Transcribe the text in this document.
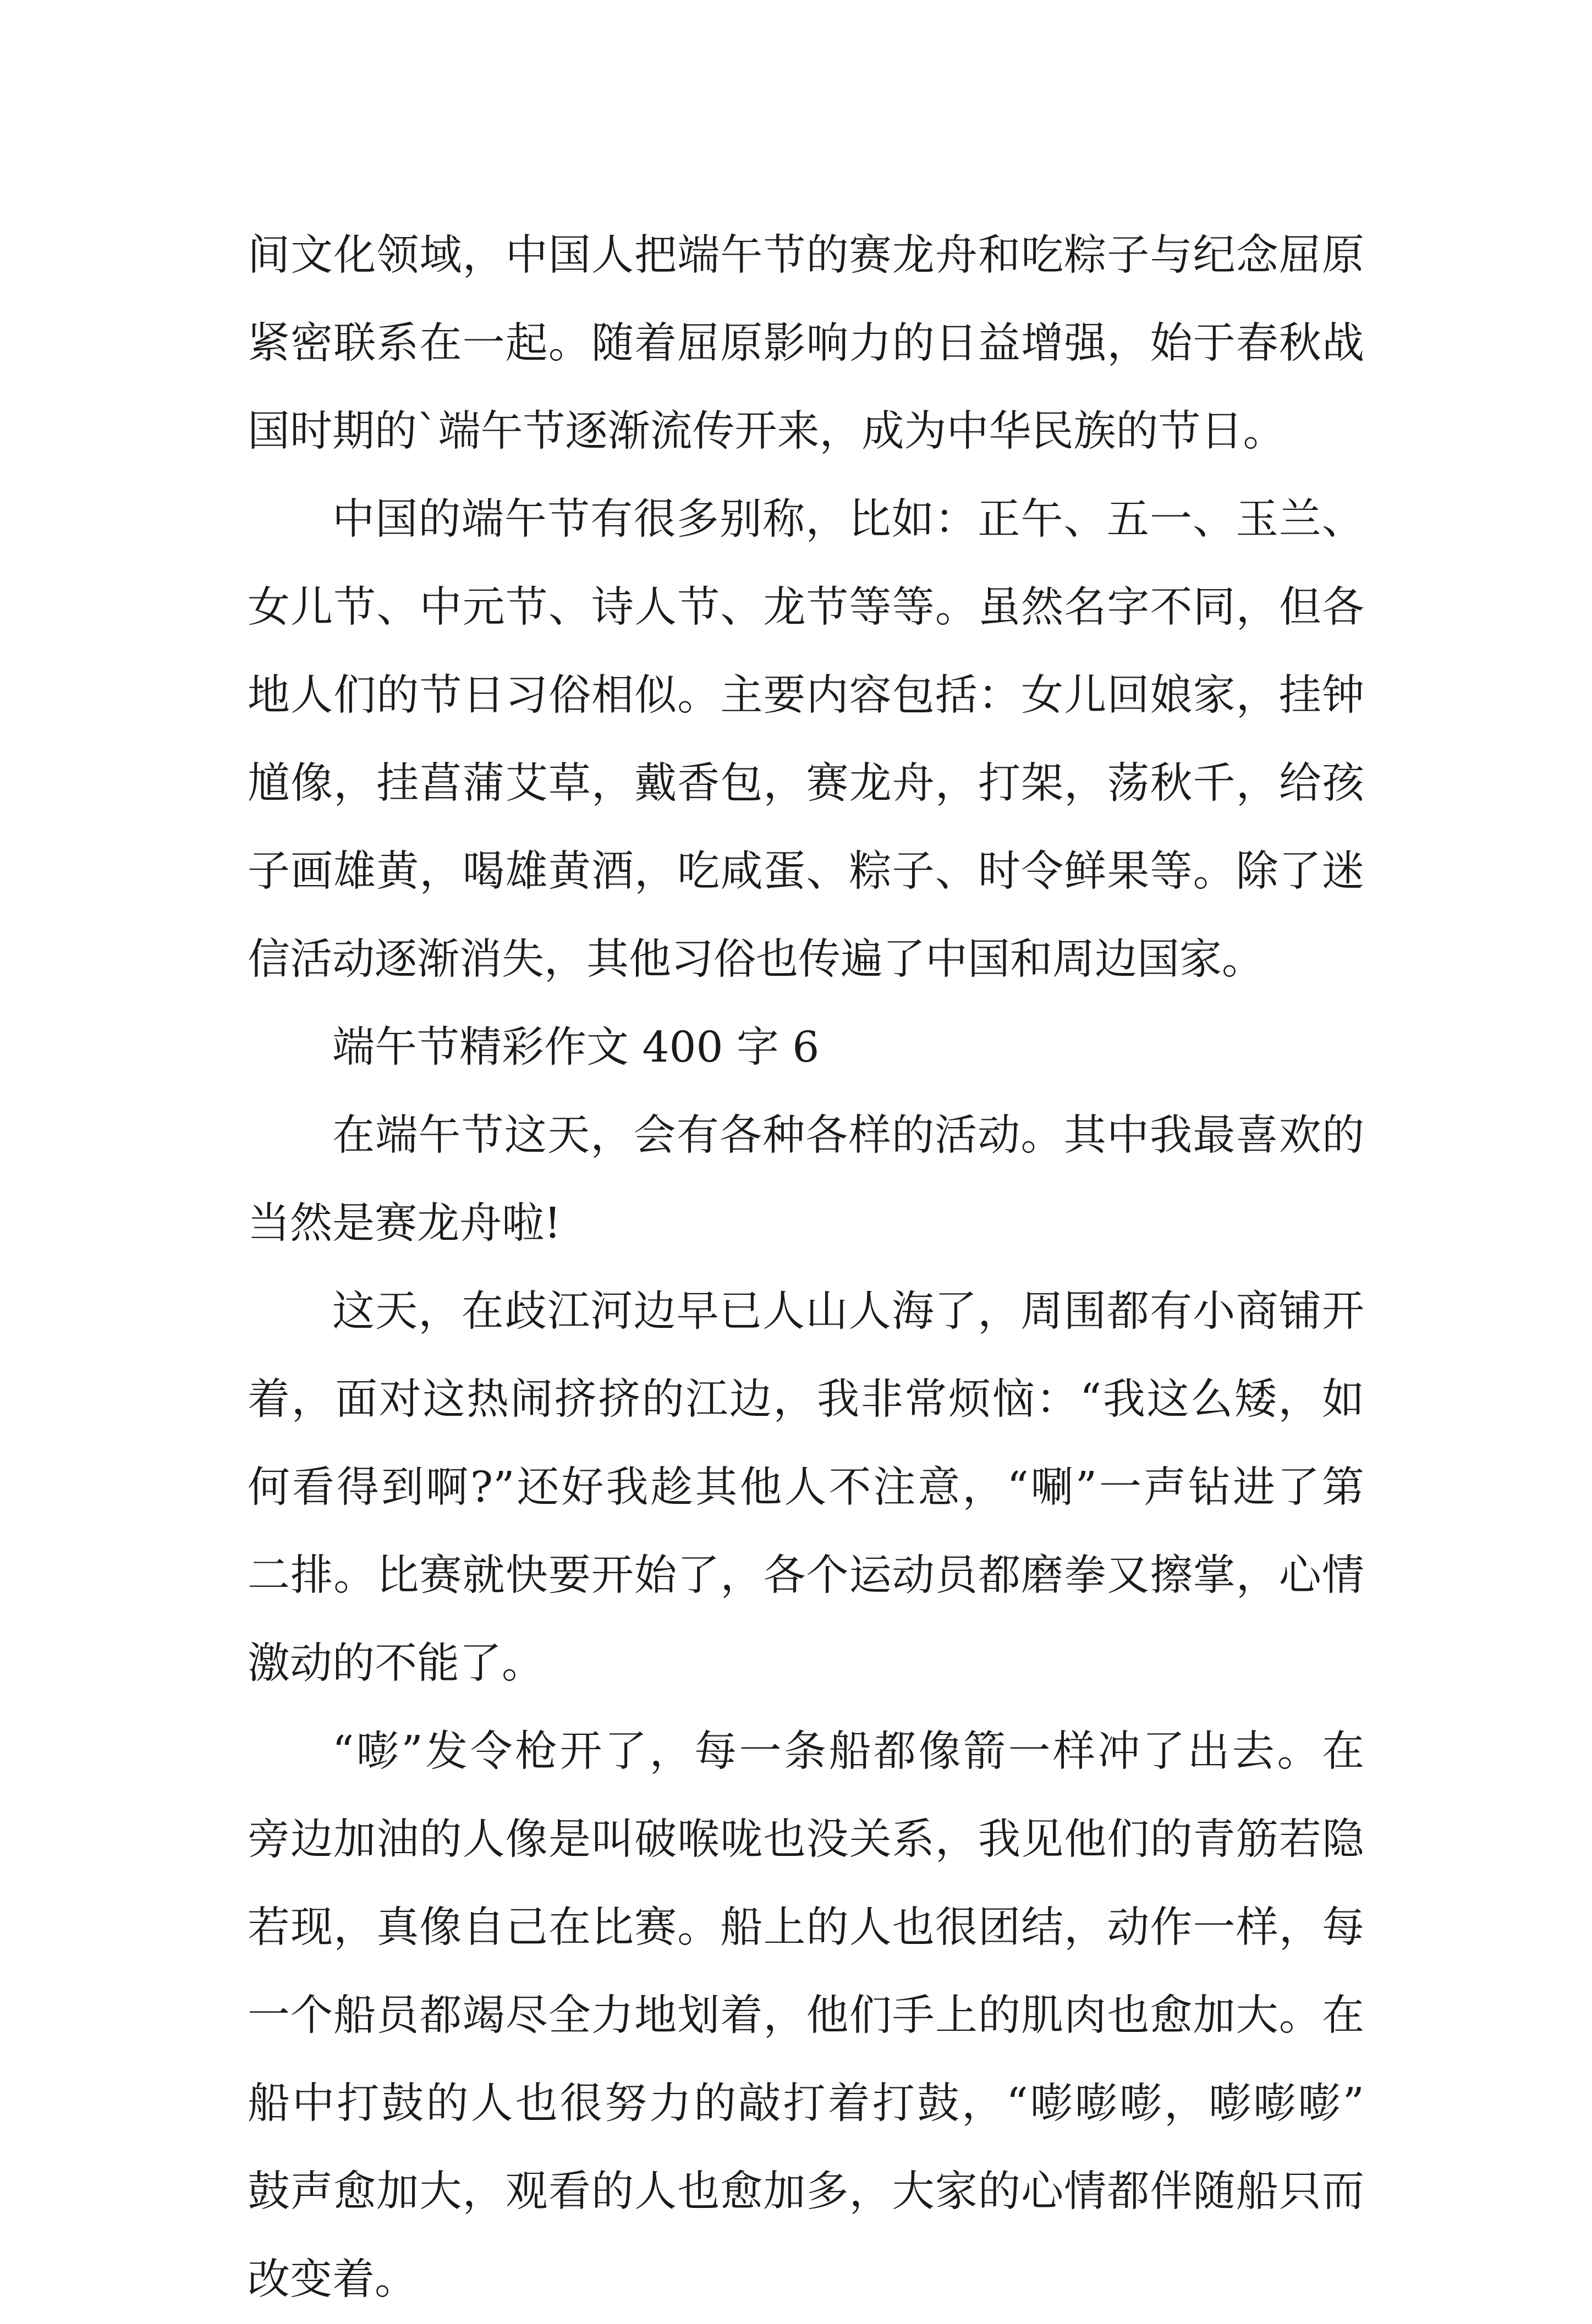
间文化领域，中国人把端午节的赛龙舟和吃粽子与纪念屈原
紧密联系在一起。随着屈原影响力的日益增强，始于春秋战
国时期的`端午节逐渐流传开来，成为中华民族的节日。
中国的端午节有很多别称，比如：正午、五一、玉兰、
女儿节、中元节、诗人节、龙节等等。虽然名字不同，但各
地人们的节日习俗相似。主要内容包括：女儿回娘家，挂钟
馗像，挂菖蒲艾草，戴香包，赛龙舟，打架，荡秋千，给孩
子画雄黄，喝雄黄酒，吃咸蛋、粽子、时令鲜果等。除了迷
信活动逐渐消失，其他习俗也传遍了中国和周边国家。
端午节精彩作文 400 字 6
在端午节这天，会有各种各样的活动。其中我最喜欢的
当然是赛龙舟啦!
这天，在歧江河边早已人山人海了，周围都有小商铺开
着，面对这热闹挤挤的江边，我非常烦恼：“我这么矮，如
何看得到啊?”还好我趁其他人不注意，“唰”一声钻进了第
二排。比赛就快要开始了，各个运动员都磨拳又擦掌，心情
激动的不能了。
“嘭”发令枪开了，每一条船都像箭一样冲了出去。在
旁边加油的人像是叫破喉咙也没关系，我见他们的青筋若隐
若现，真像自己在比赛。船上的人也很团结，动作一样，每
一个船员都竭尽全力地划着，他们手上的肌肉也愈加大。在
船中打鼓的人也很努力的敲打着打鼓，“嘭嘭嘭，嘭嘭嘭”
鼓声愈加大，观看的人也愈加多，大家的心情都伴随船只而
改变着。
